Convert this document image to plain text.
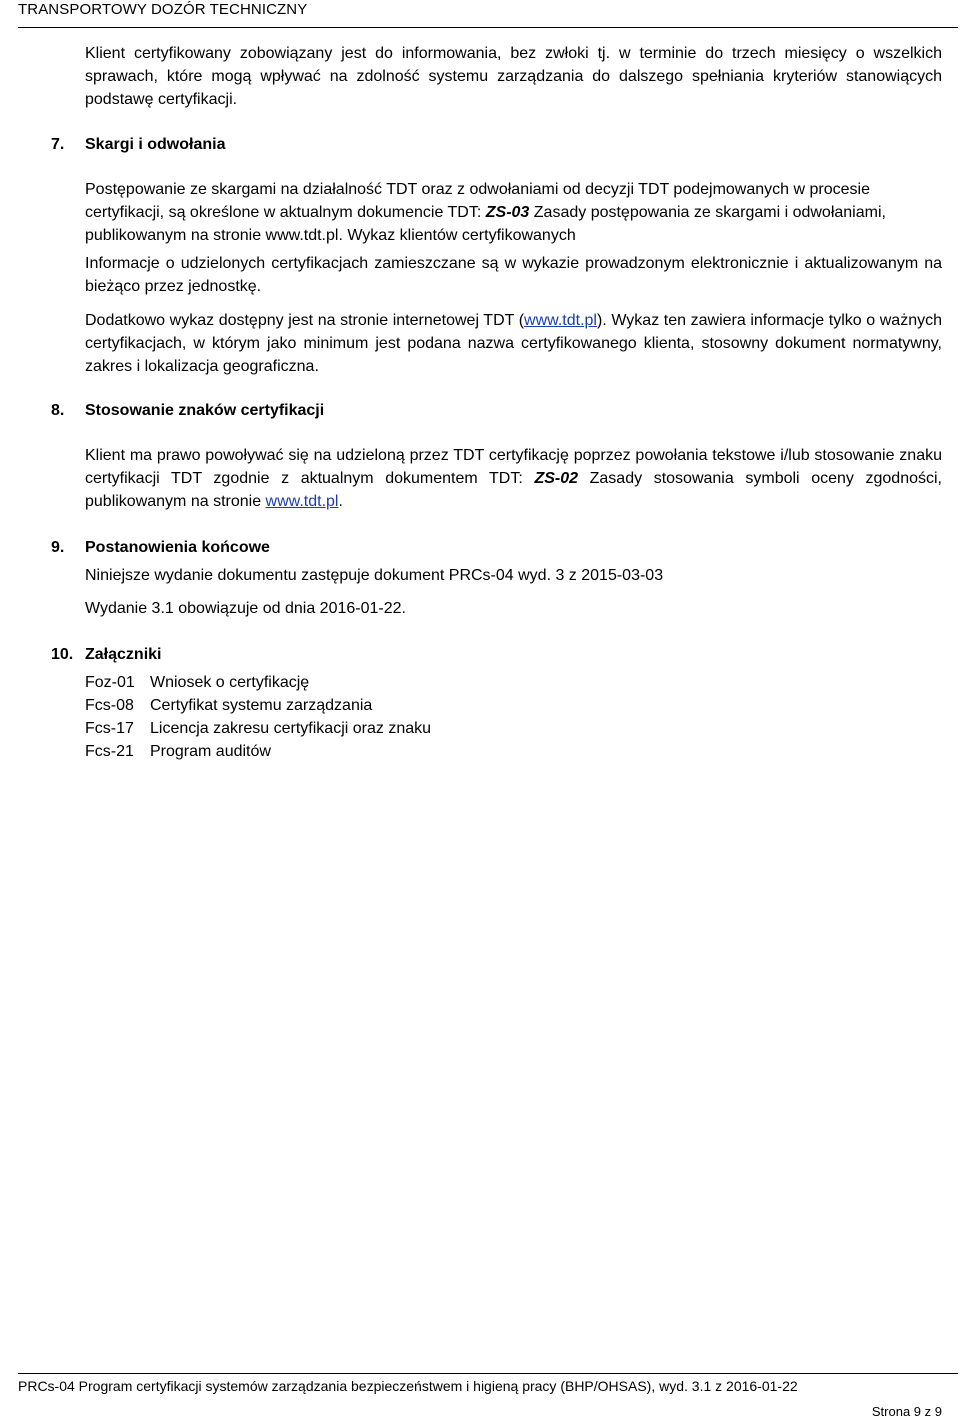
TRANSPORTOWY DOZÓR TECHNICZNY
Klient certyfikowany zobowiązany jest do informowania, bez zwłoki tj. w terminie do trzech miesięcy o wszelkich sprawach, które mogą wpływać na zdolność systemu zarządzania do dalszego spełniania kryteriów stanowiących podstawę certyfikacji.
7. Skargi i odwołania
Postępowanie ze skargami na działalność TDT oraz z odwołaniami od decyzji TDT podejmowanych w procesie certyfikacji, są określone w aktualnym dokumencie TDT: ZS-03 Zasady postępowania ze skargami i odwołaniami, publikowanym na stronie www.tdt.pl. Wykaz klientów certyfikowanych
Informacje o udzielonych certyfikacjach zamieszczane są w wykazie prowadzonym elektronicznie i aktualizowanym na bieżąco przez jednostkę.
Dodatkowo wykaz dostępny jest na stronie internetowej TDT (www.tdt.pl). Wykaz ten zawiera informacje tylko o ważnych certyfikacjach, w którym jako minimum jest podana nazwa certyfikowanego klienta, stosowny dokument normatywny, zakres i lokalizacja geograficzna.
8. Stosowanie znaków certyfikacji
Klient ma prawo powoływać się na udzieloną przez TDT certyfikację poprzez powołania tekstowe i/lub stosowanie znaku certyfikacji TDT zgodnie z aktualnym dokumentem TDT: ZS-02 Zasady stosowania symboli oceny zgodności, publikowanym na stronie www.tdt.pl.
9. Postanowienia końcowe
Niniejsze wydanie dokumentu zastępuje dokument PRCs-04 wyd. 3 z 2015-03-03
Wydanie 3.1 obowiązuje od dnia 2016-01-22.
10. Załączniki
Foz-01 Wniosek o certyfikację
Fcs-08	Certyfikat systemu zarządzania
Fcs-17	Licencja zakresu certyfikacji oraz znaku
Fcs-21	Program auditów
PRCs-04 Program certyfikacji systemów zarządzania bezpieczeństwem i higieną pracy (BHP/OHSAS), wyd. 3.1 z 2016-01-22
Strona 9 z 9
